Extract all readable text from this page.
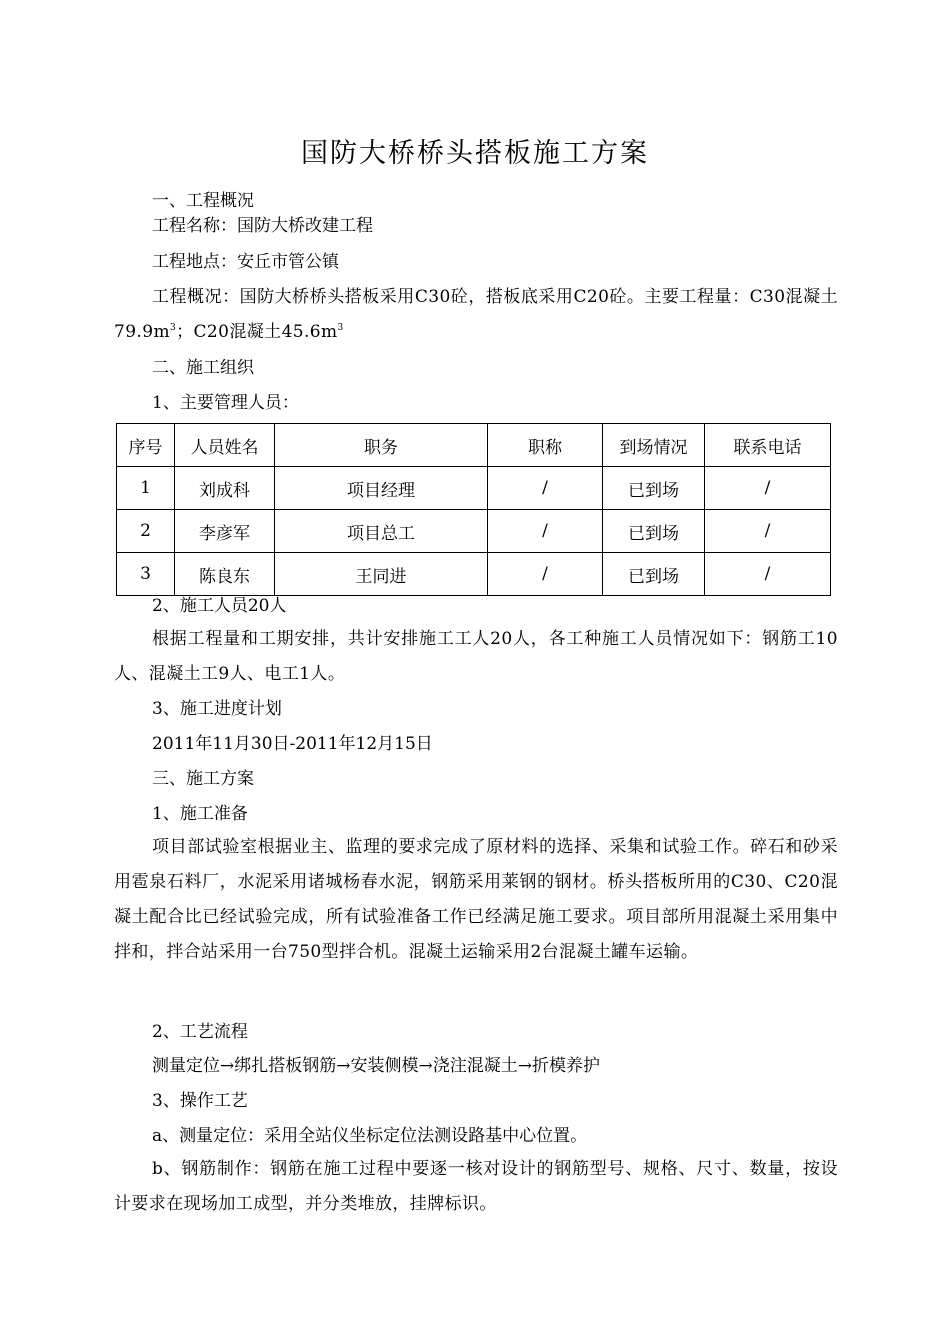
国防大桥桥头搭板施工方案
一、工程概况
工程名称：国防大桥改建工程
工程地点：安丘市管公镇
工程概况：国防大桥桥头搭板采用C30砼，搭板底采用C20砼。主要工程量：C30混凝土$79.9m^3$；C20混凝土$45.6m^3$
二、施工组织
1、主要管理人员：
序号	人员姓名	职务	职称	到场情况	联系电话
1	刘成科	项目经理	/	已到场	/
2	李彦军	项目总工	/	已到场	/
3	陈良东	王同进	/	已到场	/
2、施工人员20人
根据工程量和工期安排，共计安排施工工人20人，各工种施工人员情况如下：钢筋工10人、混凝土工9人、电工1人。
3、施工进度计划
2011年11月30日-2011年12月15日
三、施工方案
1、施工准备
项目部试验室根据业主、监理的要求完成了原材料的选择、采集和试验工作。碎石和砂采用雹泉石料厂，水泥采用诸城杨春水泥，钢筋采用莱钢的钢材。桥头搭板所用的C30、C20混凝土配合比已经试验完成，所有试验准备工作已经满足施工要求。项目部所用混凝土采用集中拌和，拌合站采用一台750型拌合机。混凝土运输采用2台混凝土罐车运输。
2、工艺流程
测量定位→绑扎搭板钢筋→安装侧模→浇注混凝土→折模养护
3、操作工艺
a、测量定位：采用全站仪坐标定位法测设路基中心位置。
b、钢筋制作：钢筋在施工过程中要逐一核对设计的钢筋型号、规格、尺寸、数量，按设计要求在现场加工成型，并分类堆放，挂牌标识。
